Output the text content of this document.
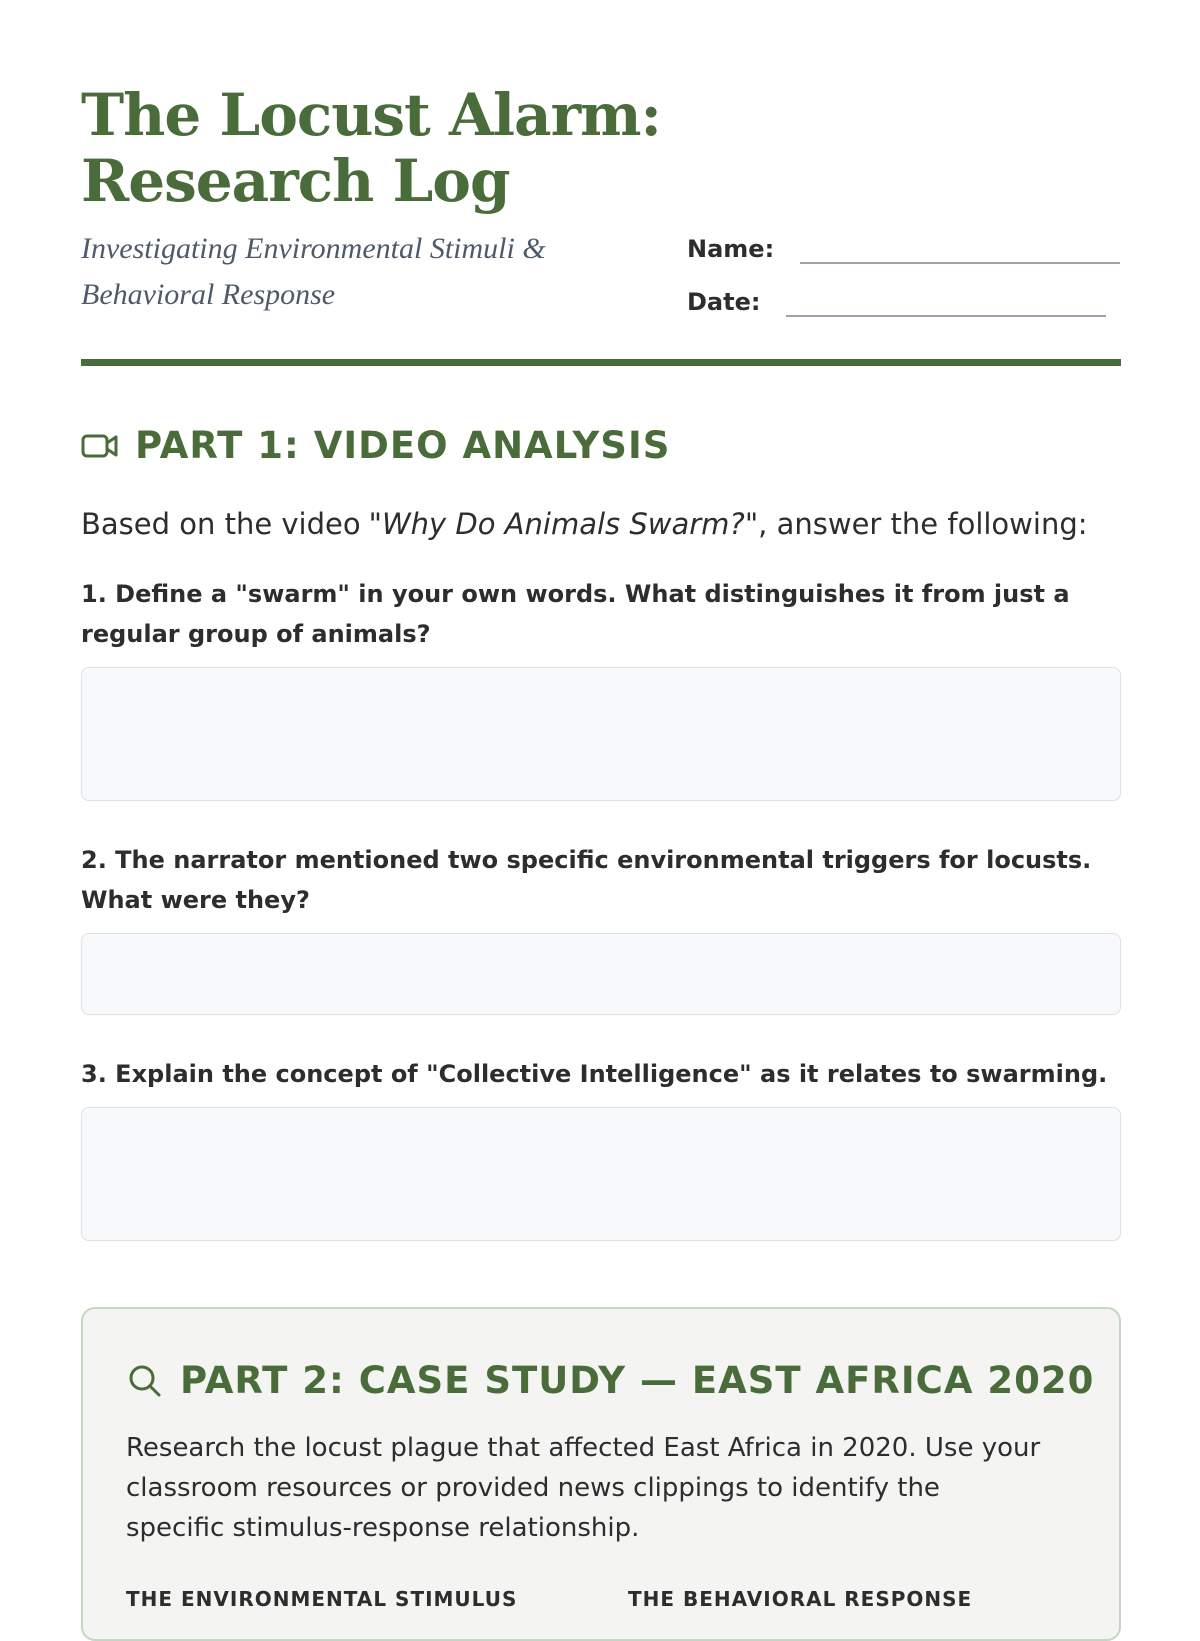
The Locust Alarm:
Research Log
Investigating Environmental Stimuli & Behavioral Response
Name:
Date:
PART 1: VIDEO ANALYSIS
Based on the video "Why Do Animals Swarm?", answer the following:
1. Define a "swarm" in your own words. What distinguishes it from just a regular group of animals?
2. The narrator mentioned two specific environmental triggers for locusts. What were they?
3. Explain the concept of "Collective Intelligence" as it relates to swarming.
PART 2: CASE STUDY — EAST AFRICA 2020
Research the locust plague that affected East Africa in 2020. Use your classroom resources or provided news clippings to identify the specific stimulus-response relationship.
THE ENVIRONMENTAL STIMULUS	THE BEHAVIORAL RESPONSE
